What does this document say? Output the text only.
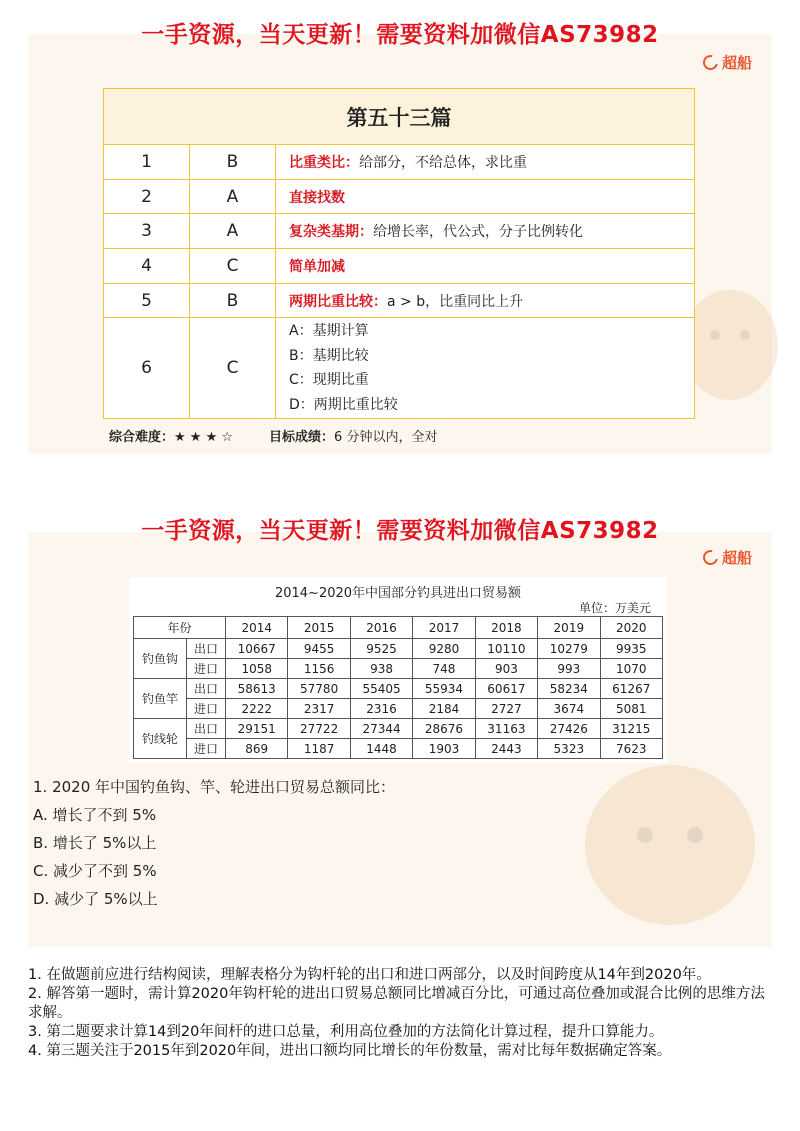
一手资源，当天更新！需要资料加微信AS73982
超船
第五十三篇		
1	B	比重类比：给部分，不给总体，求比重
2	A	直接找数
3	A	复杂类基期：给增长率，代公式，分子比例转化
4	C	简单加减
5	B	两期比重比较：a > b，比重同比上升
6	C	A：基期计算
B：基期比较
C：现期比重
D：两期比重比较
综合难度：★ ★ ★ ☆	目标成绩：6 分钟以内，全对
一手资源，当天更新！需要资料加微信AS73982
超船
2014~2020年中国部分钓具进出口贸易额
单位：万美元
年份		2014	2015	2016	2017	2018	2019	2020
钓鱼钩	出口	10667	9455	9525	9280	10110	10279	9935
	进口	1058	1156	938	748	903	993	1070
钓鱼竿	出口	58613	57780	55405	55934	60617	58234	61267
	进口	2222	2317	2316	2184	2727	3674	5081
钓线轮	出口	29151	27722	27344	28676	31163	27426	31215
	进口	869	1187	1448	1903	2443	5323	7623
1. 2020 年中国钓鱼钩、竿、轮进出口贸易总额同比：
A. 增长了不到 5%
B. 增长了 5%以上
C. 减少了不到 5%
D. 减少了 5%以上

1. 在做题前应进行结构阅读，理解表格分为钩杆轮的出口和进口两部分，以及时间跨度从14年到2020年。

2. 解答第一题时，需计算2020年钩杆轮的进出口贸易总额同比增减百分比，可通过高位叠加或混合比例的思维方法求解。

3. 第二题要求计算14到20年间杆的进口总量，利用高位叠加的方法简化计算过程，提升口算能力。

4. 第三题关注于2015年到2020年间，进出口额均同比增长的年份数量，需对比每年数据确定答案。
